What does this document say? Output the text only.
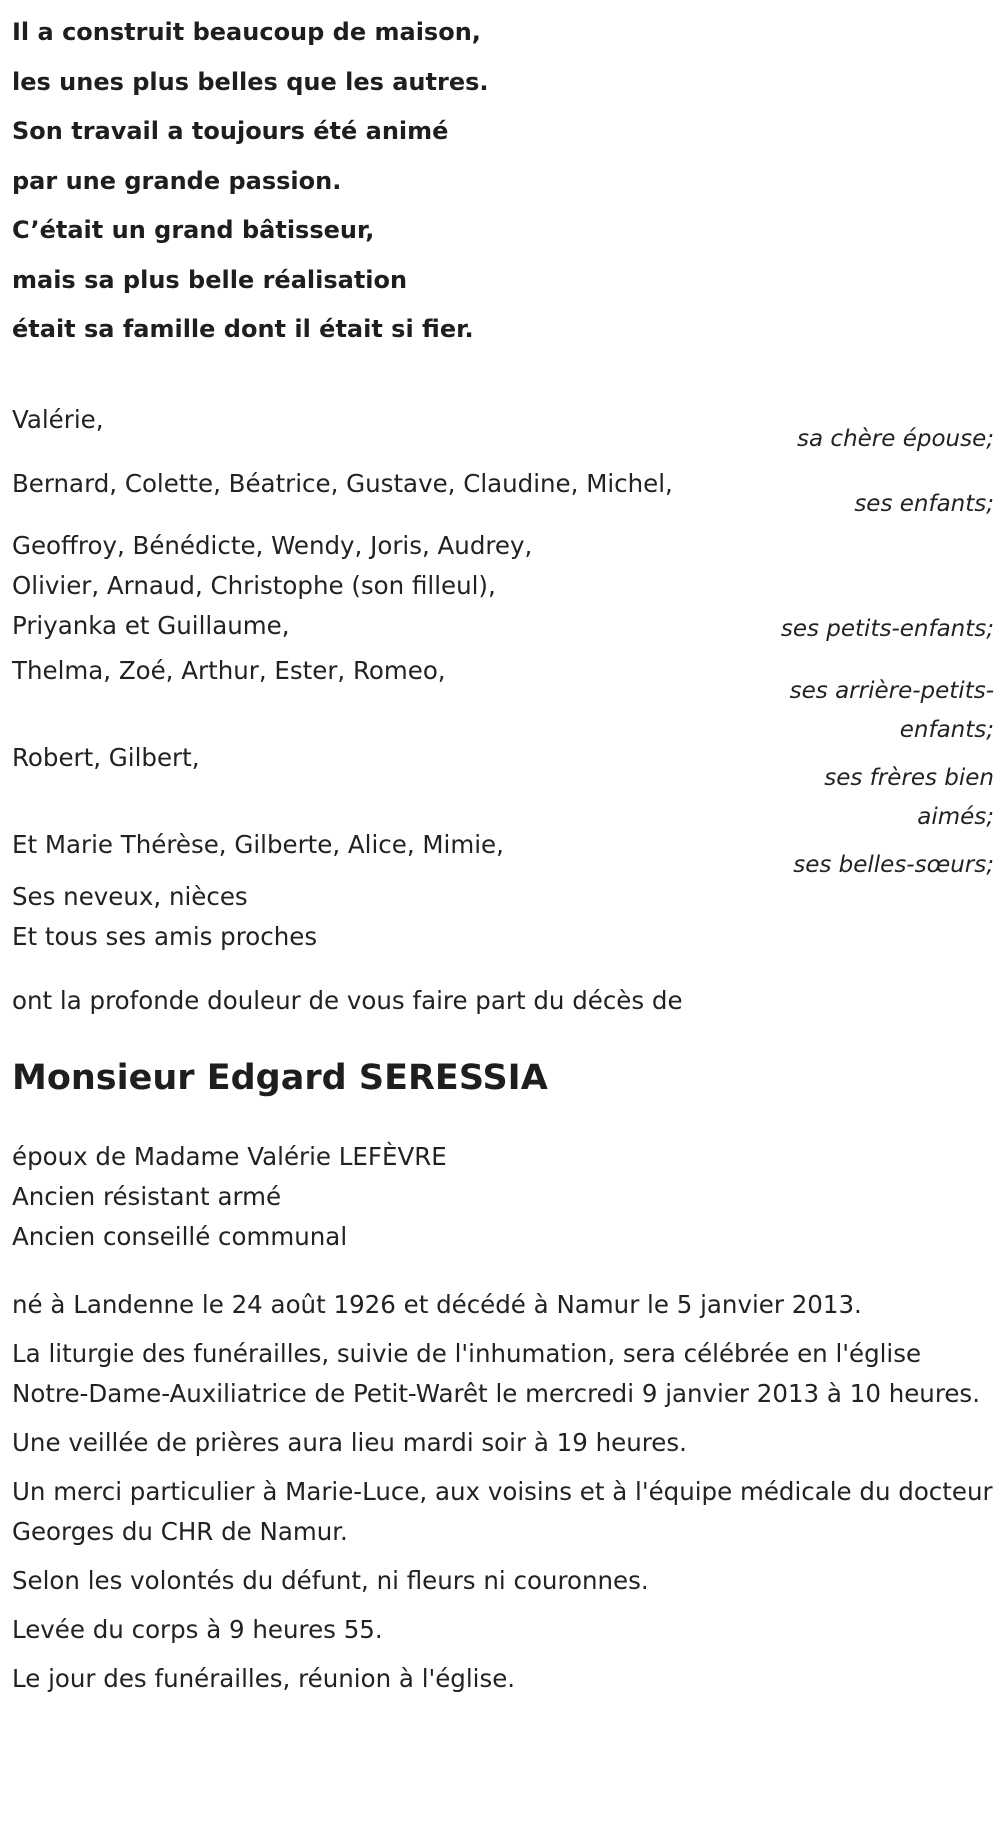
Il a construit beaucoup de maison,
les unes plus belles que les autres.
Son travail a toujours été animé
par une grande passion.
C’était un grand bâtisseur,
mais sa plus belle réalisation
était sa famille dont il était si fier.
Valérie,
sa chère épouse;
Bernard, Colette, Béatrice, Gustave, Claudine, Michel,
ses enfants;
Geoffroy, Bénédicte, Wendy, Joris, Audrey,
Olivier, Arnaud, Christophe (son filleul),
Priyanka et Guillaume,	ses petits-enfants;
Thelma, Zoé, Arthur, Ester, Romeo,
ses arrière-petits-enfants;
Robert, Gilbert,
ses frères bien aimés;
Et Marie Thérèse, Gilberte, Alice, Mimie,
ses belles-sœurs;
Ses neveux, nièces
Et tous ses amis proches
ont la profonde douleur de vous faire part du décès de
Monsieur Edgard SERESSIA
époux de Madame Valérie LEFÈVRE
Ancien résistant armé
Ancien conseillé communal
né à Landenne le 24 août 1926 et décédé à Namur le 5 janvier 2013.
La liturgie des funérailles, suivie de l'inhumation, sera célébrée en l'église Notre-Dame-Auxiliatrice de Petit-Warêt le mercredi 9 janvier 2013 à 10 heures.
Une veillée de prières aura lieu mardi soir à 19 heures.
Un merci particulier à Marie-Luce, aux voisins et à l'équipe médicale du docteur Georges du CHR de Namur.
Selon les volontés du défunt, ni fleurs ni couronnes.
Levée du corps à 9 heures 55.
Le jour des funérailles, réunion à l'église.
